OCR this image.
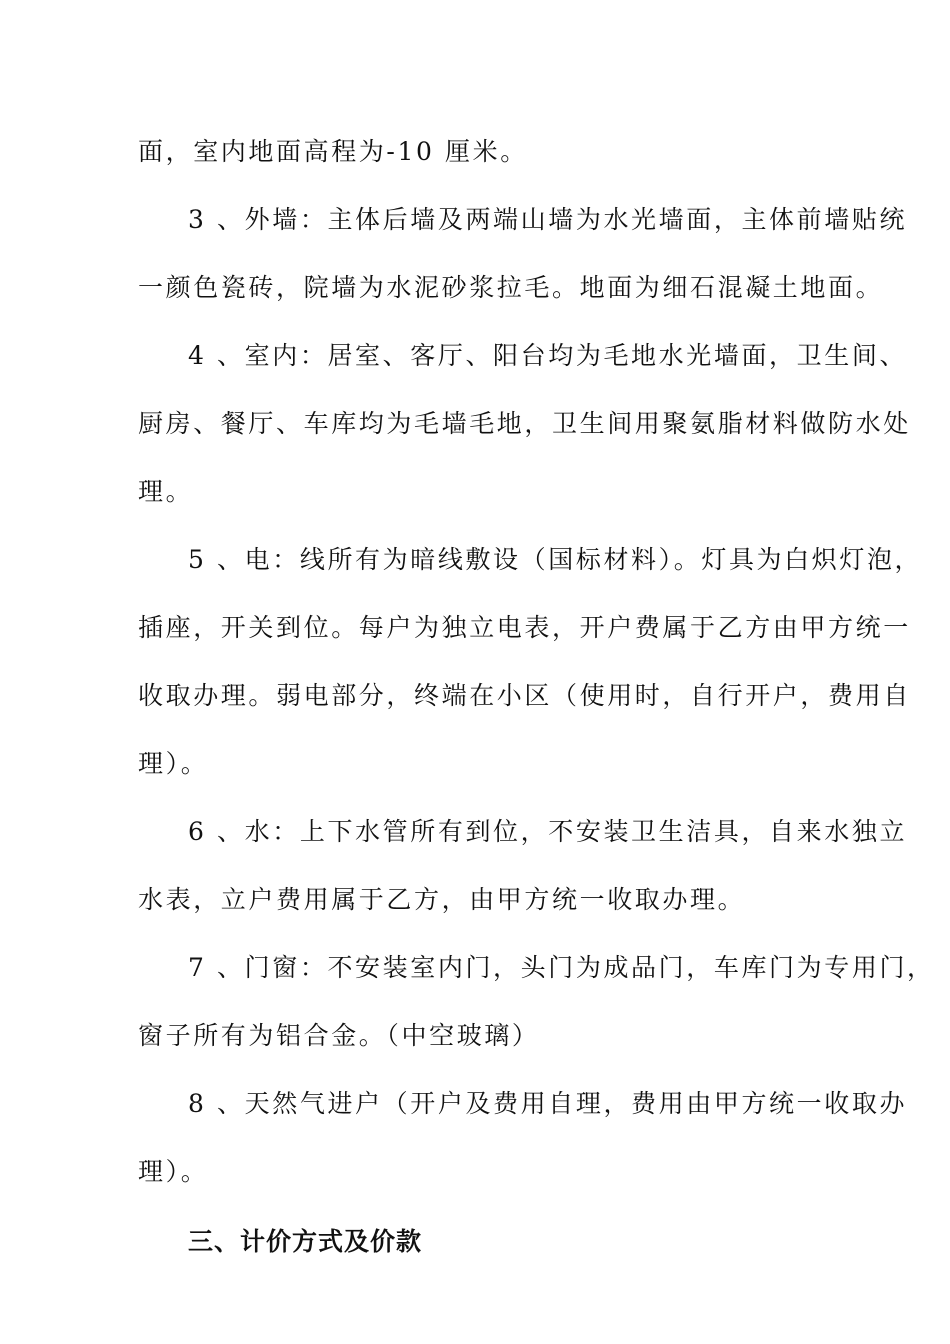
面，室内地面高程为-10 厘米。
3 、外墙：主体后墙及两端山墙为水光墙面，主体前墙贴统
一颜色瓷砖，院墙为水泥砂浆拉毛。地面为细石混凝土地面。
4 、室内：居室、客厅、阳台均为毛地水光墙面，卫生间、
厨房、餐厅、车库均为毛墙毛地，卫生间用聚氨脂材料做防水处
理。
5 、电：线所有为暗线敷设（国标材料）。灯具为白炽灯泡，
插座，开关到位。每户为独立电表，开户费属于乙方由甲方统一
收取办理。弱电部分，终端在小区（使用时，自行开户，费用自
理）。
6 、水：上下水管所有到位，不安装卫生洁具，自来水独立
水表，立户费用属于乙方，由甲方统一收取办理。
7 、门窗：不安装室内门，头门为成品门，车库门为专用门，
窗子所有为铝合金。（中空玻璃）
8 、天然气进户（开户及费用自理，费用由甲方统一收取办
理）。
三、计价方式及价款
